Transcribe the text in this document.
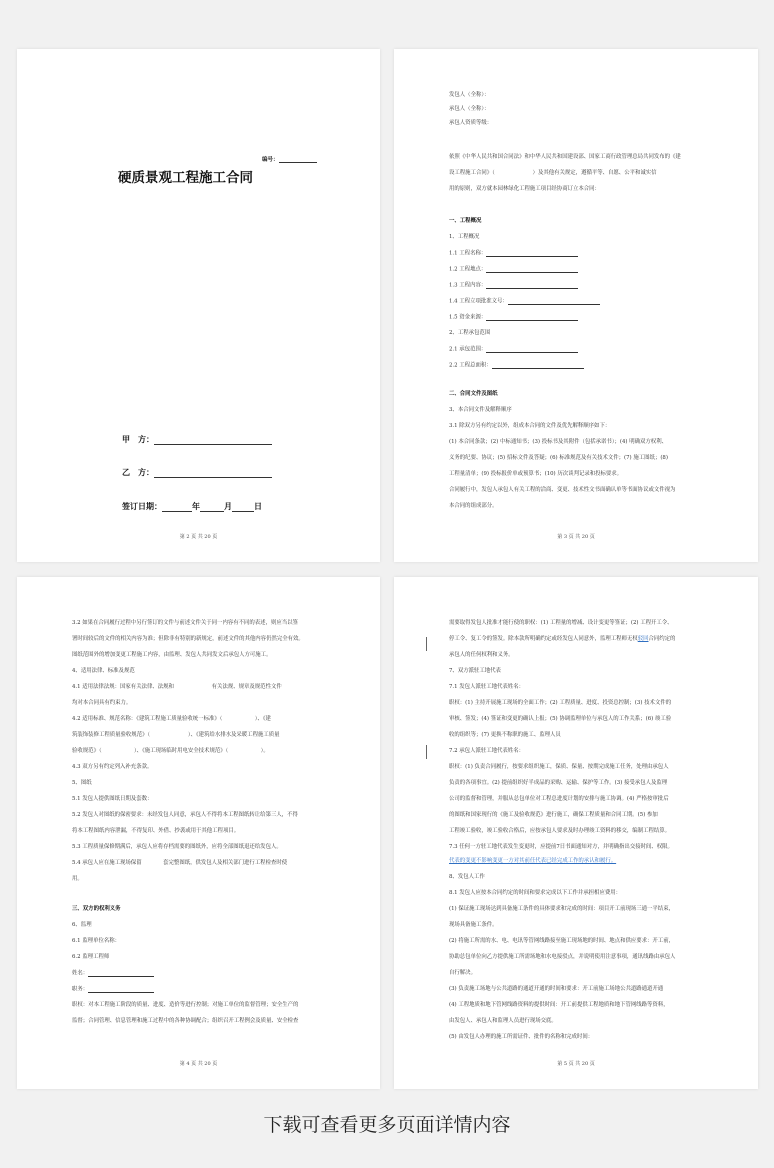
编号：
硬质景观工程施工合同
甲　方：
乙　方：
签订日期：	年	月	日
第 2 页 共 20 页
发包人（全称）：
承包人（全称）：
承包人资质等级：
依照《中华人民共和国合同法》和中华人民共和国建设部、国家工商行政管理总局共同发布的《建
设工程施工合同》（　　　　　　　）及其他有关规定，遵循平等、自愿、公平和诚实信
用的原则，双方就本园林绿化工程施工项目经协商订立本合同：
一、工程概况
1、工程概况
1.1 工程名称：
1.2 工程地点：
1.3 工程内容：
1.4 工程立项批准文号：
1.5 资金来源：
2、工程承包范围
2.1 承包范围：
2.2 工程总面积：
二、合同文件及图纸
3、本合同文件及解释顺序
3.1 除双方另有约定以外，组成本合同的文件及优先解释顺序如下：
(1) 本合同条款；(2) 中标通知书；(3) 投标书及其附件（包括承诺书）；(4) 明确双方权利、
义务的纪要、协议；(5) 招标文件及答疑；(6) 标准规范及有关技术文件；(7) 施工图纸；(8)
工程量清单；(9) 投标报价单或预算书；(10) 历次谈判记录和投标要求。
合同履行中，发包人承包人有关工程的洽商、变更、技术性文书面确认单等书面协议或文件视为
本合同的组成部分。
第 3 页 共 20 页
3.2 如果在合同履行过程中另行签订的文件与前述文件关于同一内容有不同的表述，则应当以签
署时间较后的文件的相关内容为准；但除非有特别的新规定，前述文件的其他内容仍然完全有效。
图纸范围外的增加变更工程施工内容，由监理、发包人共同发文后承包人方可施工。
4、适用法律、标准及规范
4.1 适用法律法规：国家有关法律、法规和　　　　　　　有关法规、规章及规范性文件
均对本合同具有约束力。
4.2 适用标准、规范名称：《建筑工程施工质量验收统一标准》（　　　　　　）、《建
筑装饰装修工程质量验收规范》（　　　　　　　）、《建筑给水排水及采暖工程施工质量
验收规范》（　　　　　　）、《施工现场临时用电安全技术规范》（　　　　　　）。
4.3 双方另有约定列入补充条款。
5、图纸
5.1 发包人提供图纸日期及套数：
5.2 发包人对图纸的保密要求：未经发包人同意，承包人不得将本工程图纸转让给第三人，不得
将本工程图纸内容泄漏，不得复印、外借、抄袭或用于其他工程项目。
5.3 工程质量保修期满后，承包人应将存档需要的图纸外，应将全部图纸退还给发包人。
5.4 承包人应在施工现场保留　　　　套完整图纸，供发包人及相关部门进行工程检查时使
用。
三、双方的权利义务
6、监理
6.1 监理单位名称：
6.2 监理工程师
姓名：
职务：
职权：对本工程施工阶段的质量、进度、造价等进行控制；对施工单位的监督管理；安全生产的
监督；合同管理、信息管理和施工过程中的各种协调配合；组织召开工程例会及质量、安全检查
第 4 页 共 20 页
需要取得发包人批准才能行使的职权：(1) 工程量的增减、设计变更等签证；(2) 工程开工令、
停工令、复工令的签发。除本款所明确约定或经发包人同意外，监理工程师无权驳回合同约定的
承包人的任何权利和义务。
7、双方派驻工地代表
7.1 发包人派驻工地代表姓名：
职权：(1) 主持开展施工现场的全面工作；(2) 工程质量、进度、投资总控制；(3) 技术文件的
审核、签发；(4) 签证和变更的确认上报；(5) 协调监理单位与承包人的工作关系；(6) 竣工验
收的组织等；(7) 更换不称职的施工、监理人员
7.2 承包人派驻工地代表姓名：
职权：(1) 负责合同履行，按要求组织施工，保质、保量、按期完成施工任务，处理由承包人
负责的各项事宜。(2) 提前组织好半成品的采购、运输、保护等工作。(3) 接受承包人及监理
公司的监督和管理，并服从总包单位对工程总进度计划的安排与施工协调。(4) 严格按审批后
的图纸和国家现行的《施工及验收规范》进行施工，确保工程质量和合同工期。(5) 参加
工程竣工验收，竣工验收合格后，应按承包人要求及时办理竣工资料的移交，编制工程结算。
7.3 任何一方驻工地代表发生变更时，应提前7日书面通知对方，并明确指出交接时间、权限。
代表的变更不影响变更一方对其前任代表已经完成工作的承认和履行。
8、发包人工作
8.1 发包人应按本合同约定的时间和要求完成以下工作并承担相应费用：
(1) 保证施工现场达到具备施工条件的具体要求和完成的时间：项目开工前现场三通一平结束，
现场具备施工条件。
(2) 将施工所需的水、电、电讯等管网线路接至施工现场地的时间、地点和供应要求：开工前，
协助总包单位向乙方提供施工所需场地和水电接驳点，并说明使用注意事项，通讯线路由承包人
自行解决。
(3) 负责施工场地与公共道路的通道开通的时间和要求：开工前施工场地公共道路通道开通
(4) 工程地质和地下管网线路资料的提供时间：开工前提供工程地质和地下管网线路等资料，
由发包人、承包人和监理人员进行现场交底。
(5) 由发包人办理的施工所需证件、批件的名称和完成时间：
第 5 页 共 20 页
下载可查看更多页面详情内容
